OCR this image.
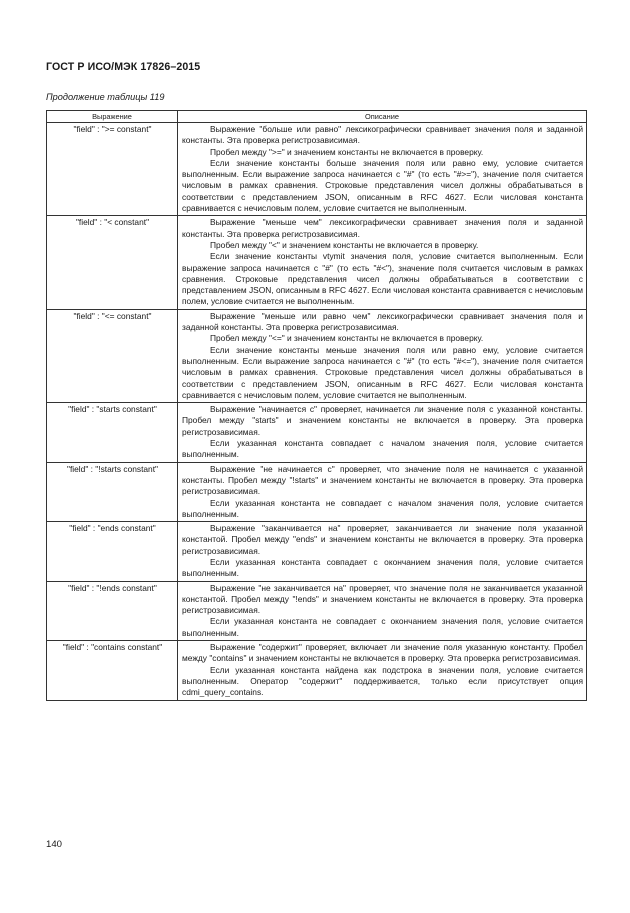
ГОСТ Р ИСО/МЭК 17826–2015
Продолжение таблицы 119
Выражение	Описание
"field" : ">= constant"	Выражение "больше или равно" лексикографически сравнивает значения поля и заданной константы. Эта проверка регистрозависимая.

Пробел между ">=" и значением константы не включается в проверку.

Если значение константы больше значения поля или равно ему, условие считается выполненным. Если выражение запроса начинается с "#" (то есть "#>="), значение поля считается числовым в рамках сравнения. Строковые представления чисел должны обрабатываться в соответствии с представлением JSON, описанным в RFC 4627. Если числовая константа сравнивается с нечисловым полем, условие считается не выполненным.

"field" : "< constant"	Выражение "меньше чем" лексикографически сравнивает значения поля и заданной константы. Эта проверка регистрозависимая.

Пробел между "<" и значением константы не включается в проверку.

Если значение константы vtymit значения поля, условие считается выполненным. Если выражение запроса начинается с "#" (то есть "#<"), значение поля считается числовым в рамках сравнения. Строковые представления чисел должны обрабатываться в соответствии с представлением JSON, описанным в RFC 4627. Если числовая константа сравнивается с нечисловым полем, условие считается не выполненным.

"field" : "<= constant"	Выражение "меньше или равно чем" лексикографически сравнивает значения поля и заданной константы. Эта проверка регистрозависимая.

Пробел между "<=" и значением константы не включается в проверку.

Если значение константы меньше значения поля или равно ему, условие считается выполненным. Если выражение запроса начинается с "#" (то есть "#<="), значение поля считается числовым в рамках сравнения. Строковые представления чисел должны обрабатываться в соответствии с представлением JSON, описанным в RFC 4627. Если числовая константа сравнивается с нечисловым полем, условие считается не выполненным.

"field" : "starts constant"	Выражение "начинается с" проверяет, начинается ли значение поля с указанной константы. Пробел между "starts" и значением константы не включается в проверку. Эта проверка регистрозависимая.

Если указанная константа совпадает с началом значения поля, условие считается выполненным.

"field" : "!starts constant"	Выражение "не начинается с" проверяет, что значение поля не начинается с указанной константы. Пробел между "!starts" и значением константы не включается в проверку. Эта проверка регистрозависимая.

Если указанная константа не совпадает с началом значения поля, условие считается выполненным.

"field" : "ends constant"	Выражение "заканчивается на" проверяет, заканчивается ли значение поля указанной константой. Пробел между "ends" и значением константы не включается в проверку. Эта проверка регистрозависимая.

Если указанная константа совпадает с окончанием значения поля, условие считается выполненным.

"field" : "!ends constant"	Выражение "не заканчивается на" проверяет, что значение поля не заканчивается указанной константой. Пробел между "!ends" и значением константы не включается в проверку. Эта проверка регистрозависимая.

Если указанная константа не совпадает с окончанием значения поля, условие считается выполненным.

"field" : "contains constant"	Выражение "содержит" проверяет, включает ли значение поля указанную константу. Пробел между "contains" и значением константы не включается в проверку. Эта проверка регистрозависимая.

Если указанная константа найдена как подстрока в значении поля, условие считается выполненным. Оператор "содержит" поддерживается, только если присутствует опция cdmi_query_contains.

140
